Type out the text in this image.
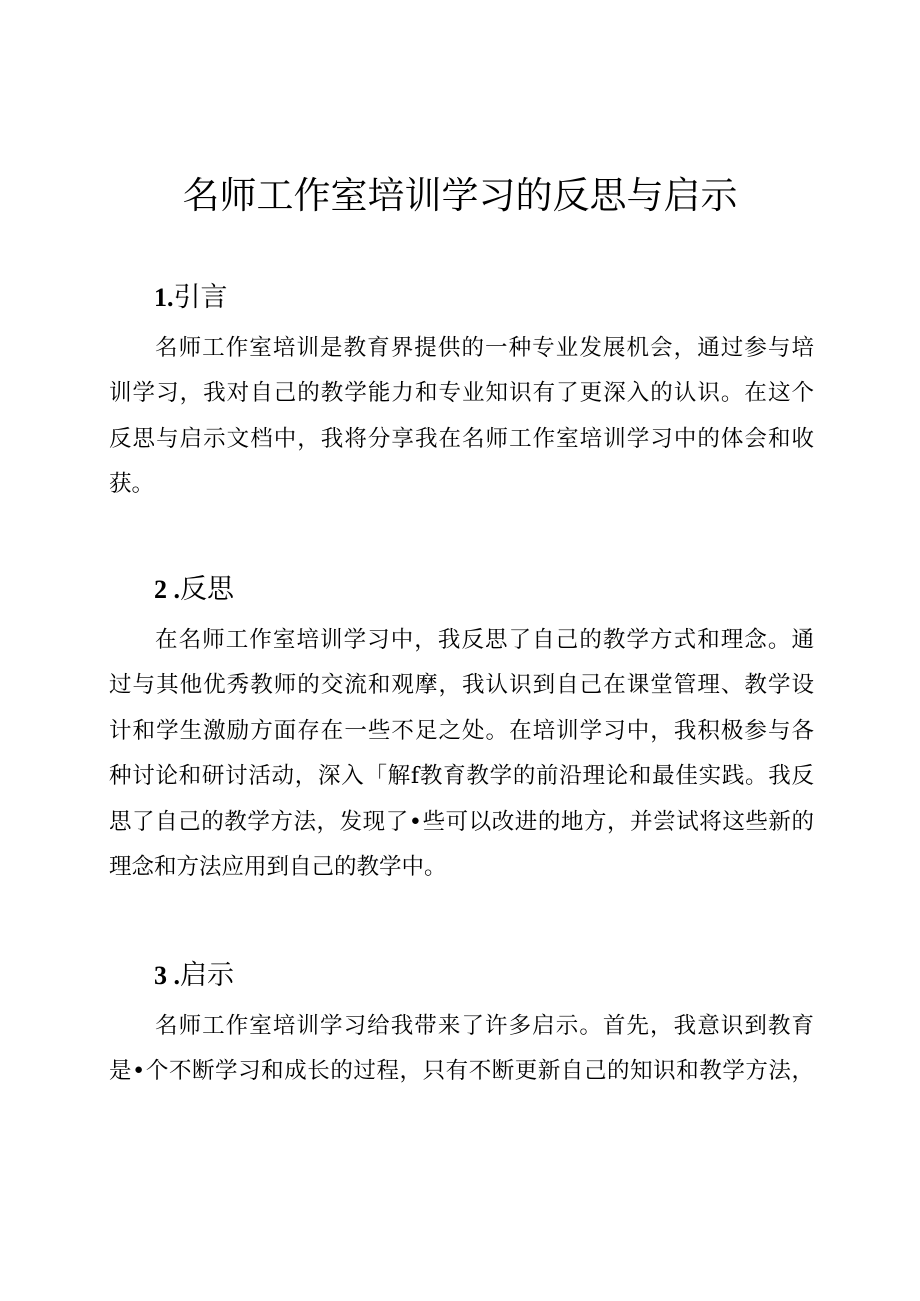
名师工作室培训学习的反思与启示
1.引言

名师工作室培训是教育界提供的一种专业发展机会，通过参与培
训学习，我对自己的教学能力和专业知识有了更深入的认识。在这个
反思与启示文档中，我将分享我在名师工作室培训学习中的体会和收
获。

2 .反思

在名师工作室培训学习中，我反思了自己的教学方式和理念。通
过与其他优秀教师的交流和观摩，我认识到自己在课堂管理、教学设
计和学生激励方面存在一些不足之处。在培训学习中，我积极参与各
种讨论和研讨活动，深入「解f教育教学的前沿理论和最佳实践。我反
思了自己的教学方法，发现了•些可以改进的地方，并尝试将这些新的
理念和方法应用到自己的教学中。

3 .启示

名师工作室培训学习给我带来了许多启示。首先，我意识到教育
是•个不断学习和成长的过程，只有不断更新自己的知识和教学方法，
